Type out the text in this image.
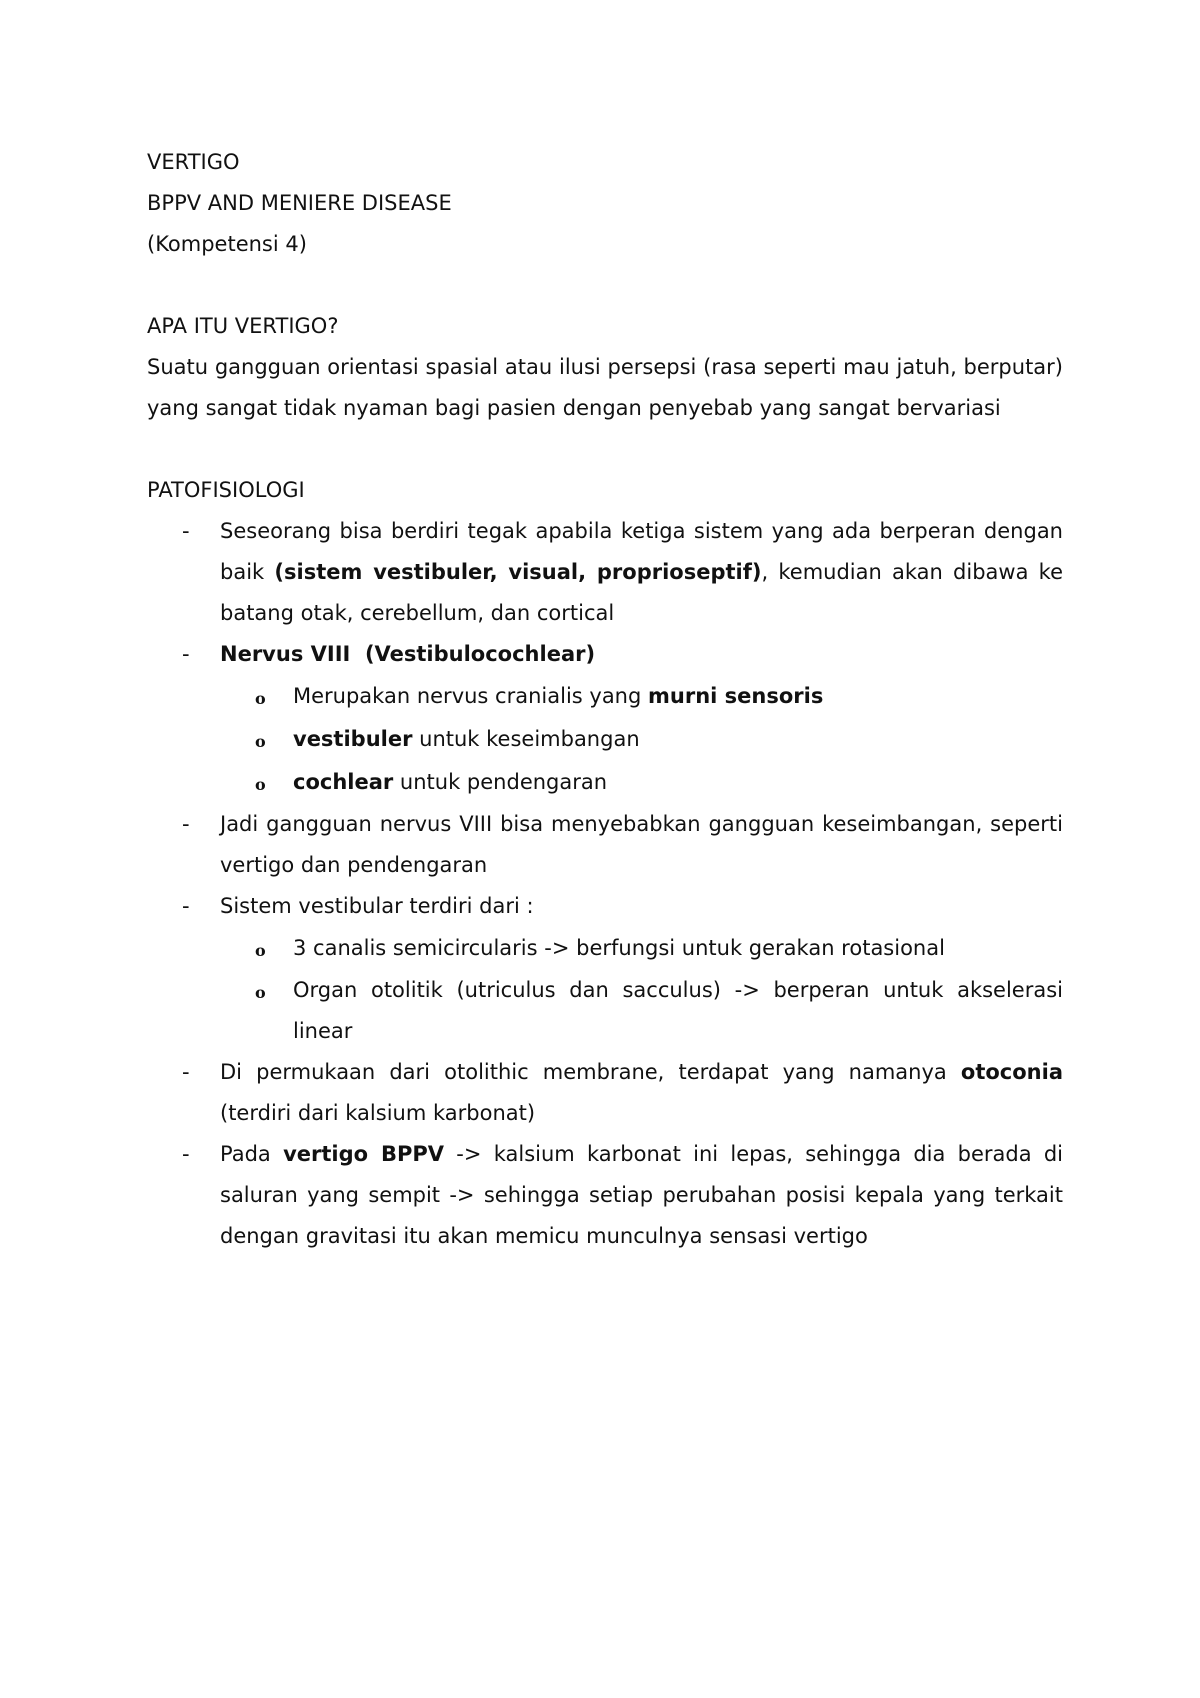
VERTIGO
BPPV AND MENIERE DISEASE
(Kompetensi 4)
APA ITU VERTIGO?
Suatu gangguan orientasi spasial atau ilusi persepsi (rasa seperti mau jatuh, berputar) yang sangat tidak nyaman bagi pasien dengan penyebab yang sangat bervariasi
PATOFISIOLOGI
- Seseorang bisa berdiri tegak apabila ketiga sistem yang ada berperan dengan baik (sistem vestibuler, visual, proprioseptif), kemudian akan dibawa ke batang otak, cerebellum, dan cortical
- Nervus VIII  (Vestibulocochlear)
o Merupakan nervus cranialis yang murni sensoris
o vestibuler untuk keseimbangan
o cochlear untuk pendengaran
- Jadi gangguan nervus VIII bisa menyebabkan gangguan keseimbangan, seperti vertigo dan pendengaran
- Sistem vestibular terdiri dari :
o 3 canalis semicircularis -> berfungsi untuk gerakan rotasional
o Organ otolitik (utriculus dan sacculus) -> berperan untuk akselerasi linear
- Di permukaan dari otolithic membrane, terdapat yang namanya otoconia (terdiri dari kalsium karbonat)
- Pada vertigo BPPV -> kalsium karbonat ini lepas, sehingga dia berada di saluran yang sempit -> sehingga setiap perubahan posisi kepala yang terkait dengan gravitasi itu akan memicu munculnya sensasi vertigo
